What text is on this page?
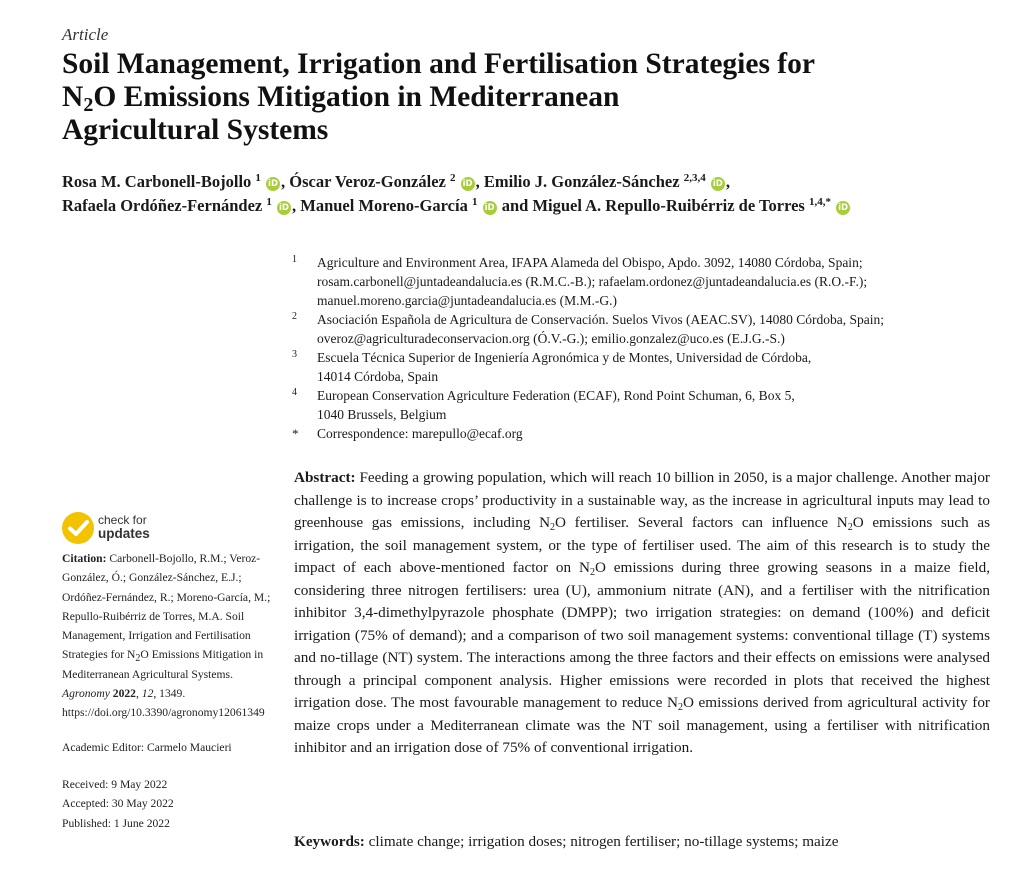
Article
Soil Management, Irrigation and Fertilisation Strategies for
$N_2O$ Emissions Mitigation in Mediterranean
Agricultural Systems
Rosa M. Carbonell-Bojollo $^1$ iD , Óscar Veroz-González $^2$ iD , Emilio J. González-Sánchez $^{2,3,4}$ iD ,
Rafaela Ordóñez-Fernández $^1$ iD , Manuel Moreno-García $^1$ iD and Miguel A. Repullo-Ruibérriz de Torres $^{1,4,*}$ iD
1 Agriculture and Environment Area, IFAPA Alameda del Obispo, Apdo. 3092, 14080 Córdoba, Spain;
rosam.carbonell@juntadeandalucia.es (R.M.C.-B.); rafaelam.ordonez@juntadeandalucia.es (R.O.-F.);
manuel.moreno.garcia@juntadeandalucia.es (M.M.-G.)
2 Asociación Española de Agricultura de Conservación. Suelos Vivos (AEAC.SV), 14080 Córdoba, Spain;
overoz@agriculturadeconservacion.org (Ó.V.-G.); emilio.gonzalez@uco.es (E.J.G.-S.)
3 Escuela Técnica Superior de Ingeniería Agronómica y de Montes, Universidad de Córdoba,
14014 Córdoba, Spain
4 European Conservation Agriculture Federation (ECAF), Rond Point Schuman, 6, Box 5,
1040 Brussels, Belgium
* Correspondence: marepullo@ecaf.org
check for
updates
Citation: Carbonell-Bojollo, R.M.; Veroz-González, Ó.; González-Sánchez, E.J.; Ordóñez-Fernández, R.; Moreno-García, M.; Repullo-Ruibérriz de Torres, M.A. Soil Management, Irrigation and Fertilisation Strategies for $N_2O$ Emissions Mitigation in Mediterranean Agricultural Systems. Agronomy 2022, 12, 1349. https://doi.org/10.3390/agronomy12061349
Academic Editor: Carmelo Maucieri
Received: 9 May 2022
Accepted: 30 May 2022
Published: 1 June 2022
Abstract: Feeding a growing population, which will reach 10 billion in 2050, is a major challenge. Another major challenge is to increase crops’ productivity in a sustainable way, as the increase in agricultural inputs may lead to greenhouse gas emissions, including $N_2O$ fertiliser. Several factors can influence $N_2O$ emissions such as irrigation, the soil management system, or the type of fertiliser used. The aim of this research is to study the impact of each above-mentioned factor on $N_2O$ emissions during three growing seasons in a maize field, considering three nitrogen fertilisers: urea (U), ammonium nitrate (AN), and a fertiliser with the nitrification inhibitor 3,4-dimethylpyrazole phosphate (DMPP); two irrigation strategies: on demand (100%) and deficit irrigation (75% of demand); and a comparison of two soil management systems: conventional tillage (T) systems and no-tillage (NT) system. The interactions among the three factors and their effects on emissions were analysed through a principal component analysis. Higher emissions were recorded in plots that received the highest irrigation dose. The most favourable management to reduce $N_2O$ emissions derived from agricultural activity for maize crops under a Mediterranean climate was the NT soil management, using a fertiliser with nitrification inhibitor and an irrigation dose of 75% of conventional irrigation.
Keywords: climate change; irrigation doses; nitrogen fertiliser; no-tillage systems; maize
